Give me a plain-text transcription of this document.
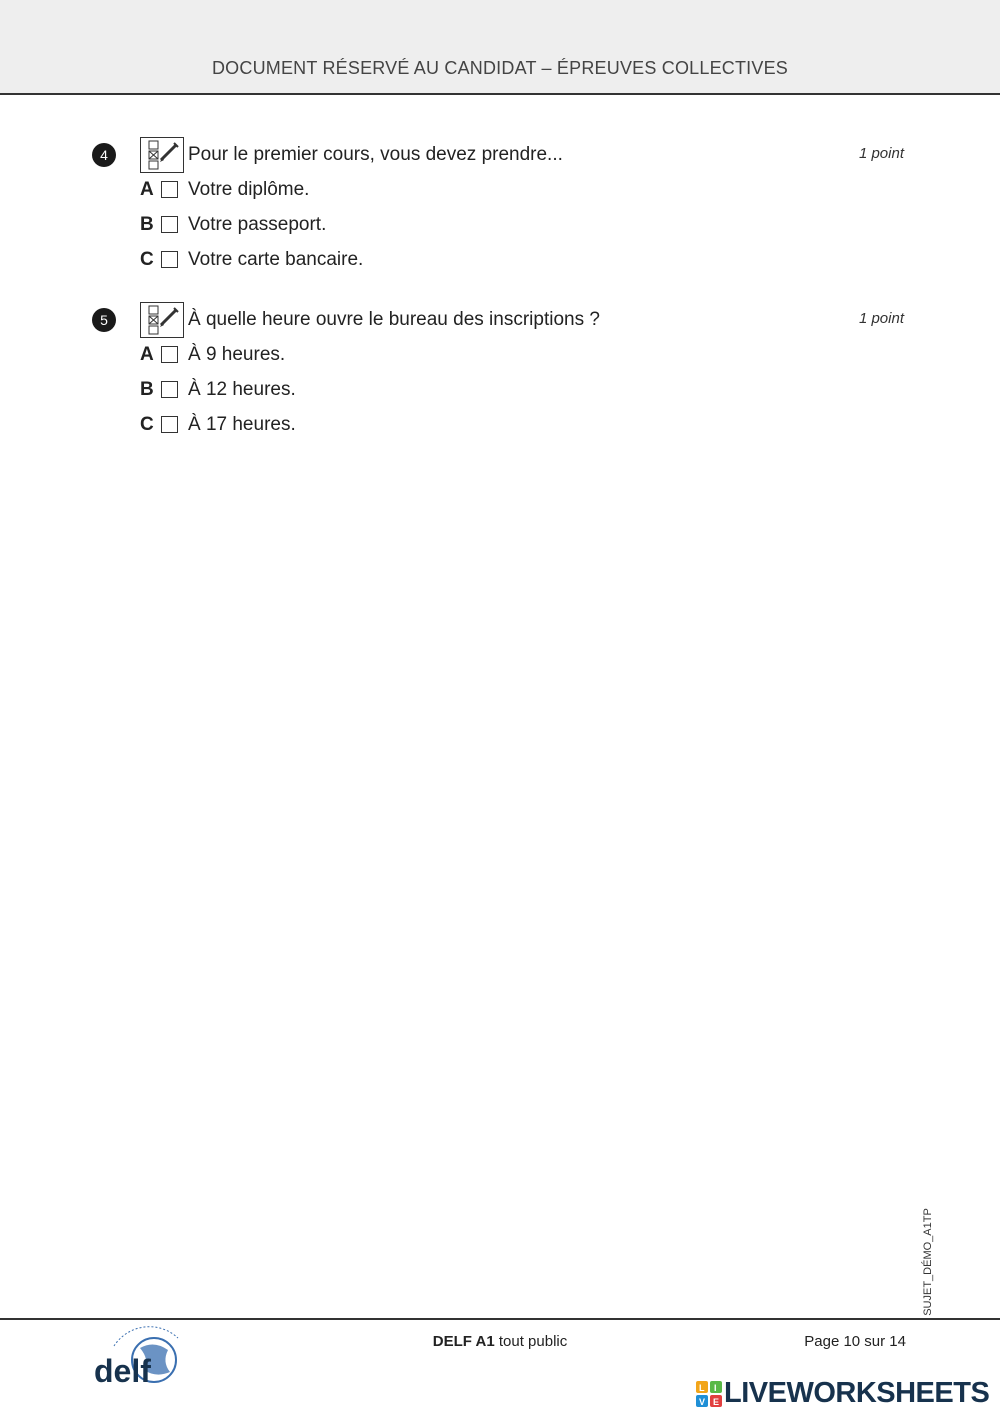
DOCUMENT RÉSERVÉ AU CANDIDAT – ÉPREUVES COLLECTIVES
4	Pour le premier cours, vous devez prendre...	1 point
A Votre diplôme.
B Votre passeport.
C Votre carte bancaire.
5	À quelle heure ouvre le bureau des inscriptions ?	1 point
A À 9 heures.
B À 12 heures.
C À 17 heures.
SUJET_DÉMO_A1TP
delf
DELF A1 tout public	Page 10 sur 14
L I
V E LIVEWORKSHEETS
